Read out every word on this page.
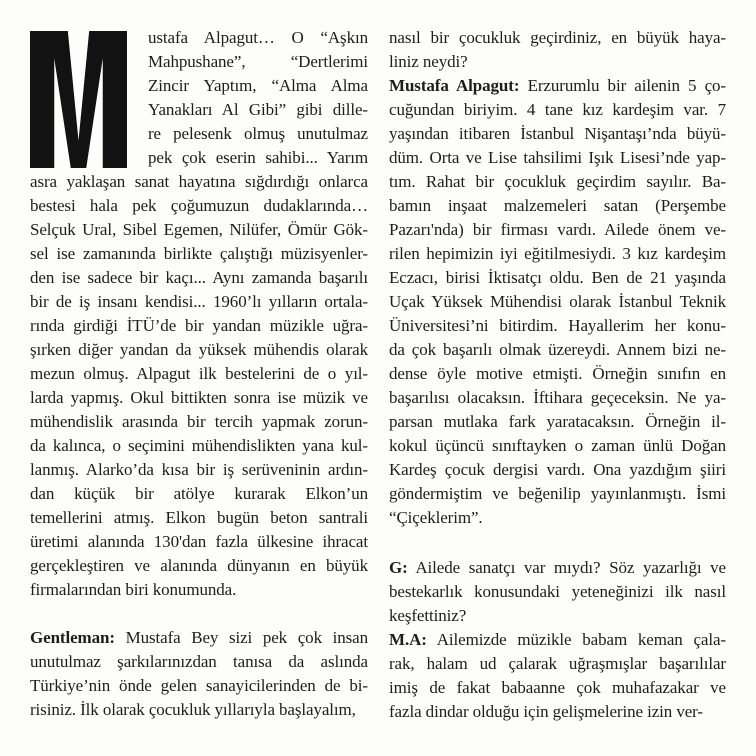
ustafa Alpagut… O “Aşkın
Mahpushane”, “Dertlerimi
Zincir Yaptım, “Alma Alma
Yanakları Al Gibi” gibi dille-
re pelesenk olmuş unutulmaz
pek çok eserin sahibi... Yarım
asra yaklaşan sanat hayatına sığdırdığı onlarca
bestesi hala pek çoğumuzun dudaklarında…
Selçuk Ural, Sibel Egemen, Nilüfer, Ömür Gök-
sel ise zamanında birlikte çalıştığı müzisyenler-
den ise sadece bir kaçı... Aynı zamanda başarılı
bir de iş insanı kendisi... 1960’lı yılların ortala-
rında girdiği İTÜ’de bir yandan müzikle uğra-
şırken diğer yandan da yüksek mühendis olarak
mezun olmuş. Alpagut ilk bestelerini de o yıl-
larda yapmış. Okul bittikten sonra ise müzik ve
mühendislik arasında bir tercih yapmak zorun-
da kalınca, o seçimini mühendislikten yana kul-
lanmış. Alarko’da kısa bir iş serüveninin ardın-
dan küçük bir atölye kurarak Elkon’un
temellerini atmış. Elkon bugün beton santrali
üretimi alanında 130'dan fazla ülkesine ihracat
gerçekleştiren ve alanında dünyanın en büyük
firmalarından biri konumunda.
Gentleman: Mustafa Bey sizi pek çok insan
unutulmaz şarkılarınızdan tanısa da aslında
Türkiye’nin önde gelen sanayicilerinden de bi-
risiniz. İlk olarak çocukluk yıllarıyla başlayalım,
nasıl bir çocukluk geçirdiniz, en büyük haya-
liniz neydi?
Mustafa Alpagut: Erzurumlu bir ailenin 5 ço-
cuğundan biriyim. 4 tane kız kardeşim var. 7
yaşından itibaren İstanbul Nişantaşı’nda büyü-
düm. Orta ve Lise tahsilimi Işık Lisesi’nde yap-
tım. Rahat bir çocukluk geçirdim sayılır. Ba-
bamın inşaat malzemeleri satan (Perşembe
Pazarı'nda) bir firması vardı. Ailede önem ve-
rilen hepimizin iyi eğitilmesiydi. 3 kız kardeşim
Eczacı, birisi İktisatçı oldu. Ben de 21 yaşında
Uçak Yüksek Mühendisi olarak İstanbul Teknik
Üniversitesi’ni bitirdim. Hayallerim her konu-
da çok başarılı olmak üzereydi. Annem bizi ne-
dense öyle motive etmişti. Örneğin sınıfın en
başarılısı olacaksın. İftihara geçeceksin. Ne ya-
parsan mutlaka fark yaratacaksın. Örneğin il-
kokul üçüncü sınıftayken o zaman ünlü Doğan
Kardeş çocuk dergisi vardı. Ona yazdığım şiiri
göndermiştim ve beğenilip yayınlanmıştı. İsmi
“Çiçeklerim”.
G: Ailede sanatçı var mıydı? Söz yazarlığı ve
bestekarlık konusundaki yeteneğinizi ilk nasıl
keşfettiniz?
M.A: Ailemizde müzikle babam keman çala-
rak, halam ud çalarak uğraşmışlar başarılılar
imiş de fakat babaanne çok muhafazakar ve
fazla dindar olduğu için gelişmelerine izin ver-
